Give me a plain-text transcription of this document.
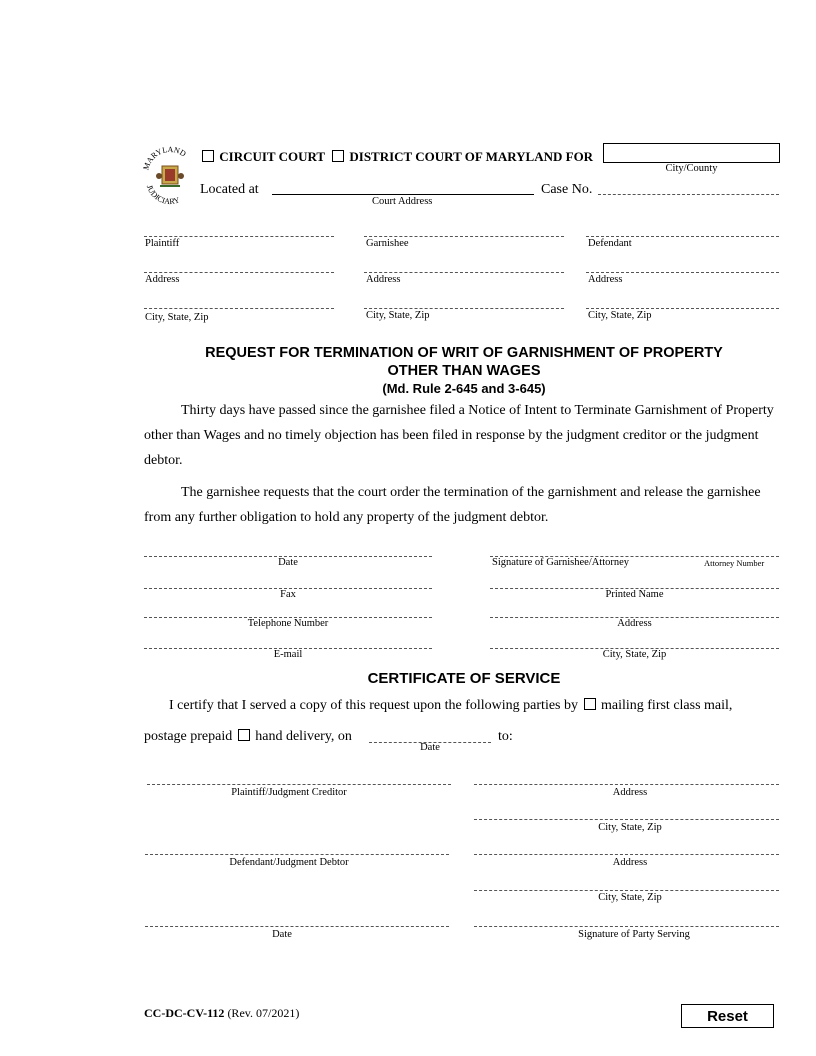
MARYLAND
JUDICIARY
CIRCUIT COURT DISTRICT COURT OF MARYLAND FOR
City/County
Located at
Court Address
Case No.
Plaintiff	Garnishee	Defendant
Address	Address	Address
City, State, Zip	City, State, Zip	City, State, Zip
REQUEST FOR TERMINATION OF WRIT OF GARNISHMENT OF PROPERTY
OTHER THAN WAGES
(Md. Rule 2-645 and 3-645)
Thirty days have passed since the garnishee filed a Notice of Intent to Terminate Garnishment of Property other than Wages and no timely objection has been filed in response by the judgment creditor or the judgment debtor.
The garnishee requests that the court order the termination of the garnishment and release the garnishee from any further obligation to hold any property of the judgment debtor.
Date	Signature of Garnishee/Attorney	Attorney Number
Fax	Printed Name
Telephone Number	Address
E-mail	City, State, Zip
CERTIFICATE OF SERVICE
I certify that I served a copy of this request upon the following parties by mailing first class mail,
postage prepaid hand delivery, on	to:
Date
Plaintiff/Judgment Creditor	Address
City, State, Zip
Defendant/Judgment Debtor	Address
City, State, Zip
Date	Signature of Party Serving
CC-DC-CV-112 (Rev. 07/2021)	Reset
